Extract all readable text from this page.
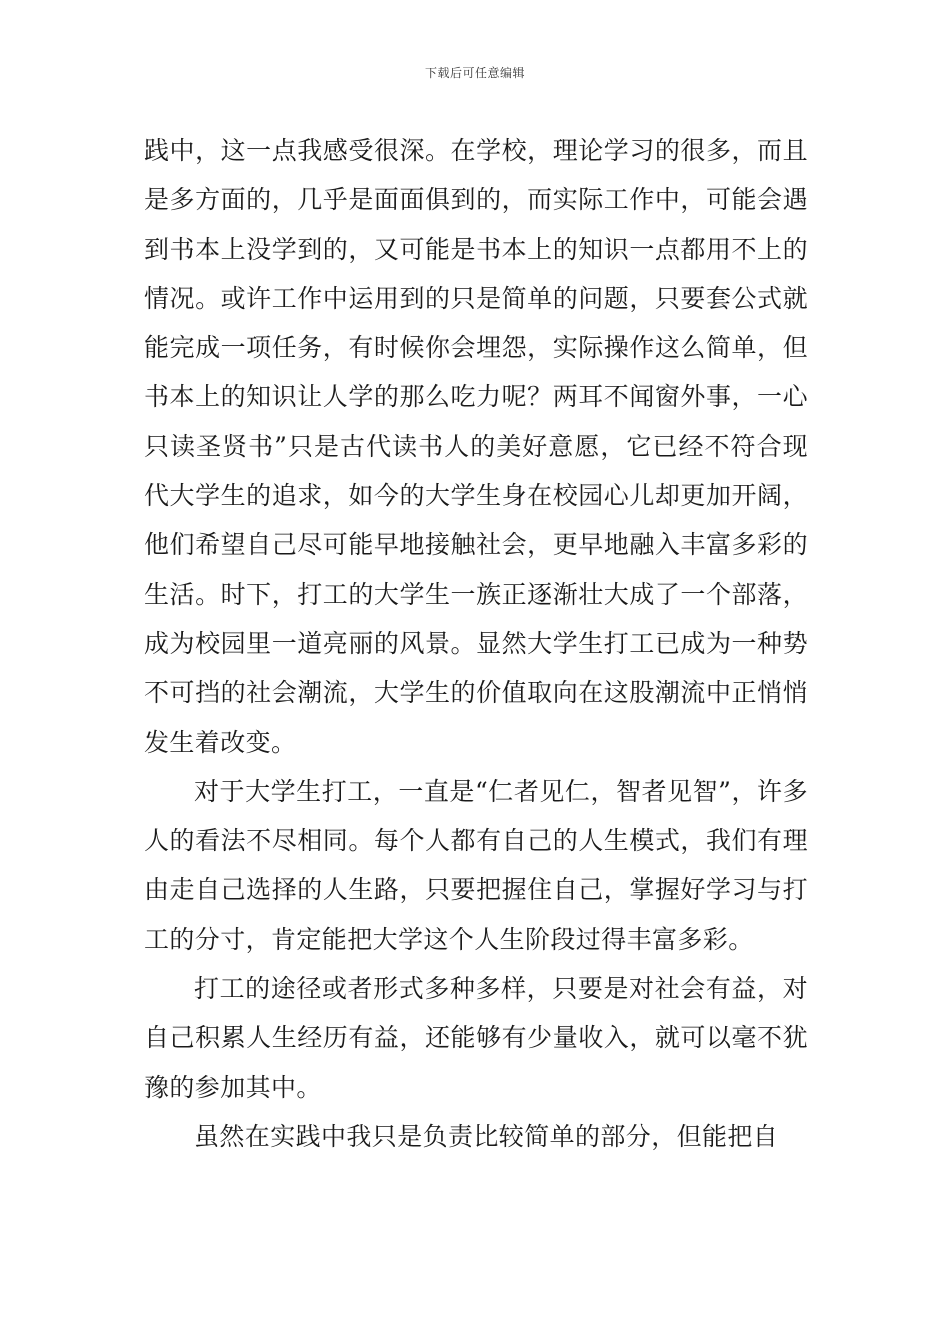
下载后可任意编辑

践中，这一点我感受很深。在学校，理论学习的很多，而且是多方面的，几乎是面面俱到的，而实际工作中，可能会遇到书本上没学到的，又可能是书本上的知识一点都用不上的情况。或许工作中运用到的只是简单的问题，只要套公式就能完成一项任务，有时候你会埋怨，实际操作这么简单，但书本上的知识让人学的那么吃力呢？两耳不闻窗外事，一心只读圣贤书”只是古代读书人的美好意愿，它已经不符合现代大学生的追求，如今的大学生身在校园心儿却更加开阔，他们希望自己尽可能早地接触社会，更早地融入丰富多彩的生活。时下，打工的大学生一族正逐渐壮大成了一个部落，成为校园里一道亮丽的风景。显然大学生打工已成为一种势不可挡的社会潮流，大学生的价值取向在这股潮流中正悄悄发生着改变。

对于大学生打工，一直是“仁者见仁，智者见智”，许多人的看法不尽相同。每个人都有自己的人生模式，我们有理由走自己选择的人生路，只要把握住自己，掌握好学习与打工的分寸，肯定能把大学这个人生阶段过得丰富多彩。

打工的途径或者形式多种多样，只要是对社会有益，对自己积累人生经历有益，还能够有少量收入，就可以毫不犹豫的参加其中。

虽然在实践中我只是负责比较简单的部分，但能把自
